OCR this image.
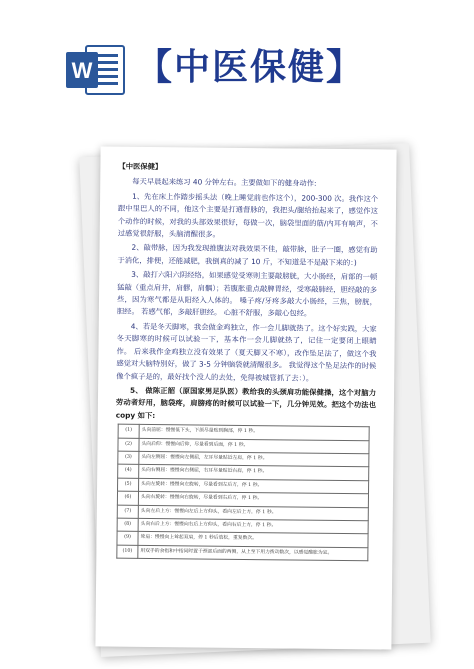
W 【中医保健】
【中医保健】

每天早晨起来练习 40 分钟左右。主要做如下的健身动作:

1、先在床上作踏步摇头法（晚上睡觉前也作这个），200-300 次。我作这个跟中里巴人的不同，他这个主要是打通督脉的，我把头/腿给抬起来了，感觉作这个动作的时候，对我的头部效果很好，每做一次，脑袋里面的筋/内耳有响声，不过感觉很舒服，头脑清醒很多。

2、敲带脉，因为我发现推腹法对我效果不佳，敲带脉，肚子一圈，感觉有助于消化，排便，还能减肥，我倒真的减了 10 斤，不知道是不是敲下来的：)

3、敲打六阳六阴经络，如果感觉受寒则主要敲膀胱，大小肠经，肩部的一顿猛敲（重点肩井，肩髎，肩髃）；若腹胀重点敲脾胃经，受寒敲肺经，胆经敲的多些，因为寒气都是从阳经入人体的。 嗓子疼/牙疼多敲大小肠经，三焦，膀胱，胆经。 若感气郁，多敲肝胆经。 心脏不舒服，多敲心包经。

4、若是冬天脚寒，我会做金鸡独立，作一会儿脚就热了。这个好实践，大家冬天脚寒的时候可以试验一下，基本作一会儿脚就热了，记住一定要闭上眼睛作。 后来我作金鸡独立没有效果了（夏天脚又不寒），改作坠足法了，做这个我感觉对大脑特别好，做了 3-5 分钟脑袋就清醒很多。 我觉得这个坠足法作的时候像个疯子是的，最好找个没人的去处，免得被城管抓了去：）。

5、 做陈正韶（原国家男足队医）教给我的头颈肩功能保健操，这个对脑力劳动者好用，脑袋疼，肩膀疼的时候可以试验一下，几分钟见效。把这个功法也 copy 如下:

(1)	头向前屈：慢慢低下头，下颌尽量贴到胸部，停 1 秒。
(2)	头向后仰：慢慢向后仰，尽量看到后面，停 1 秒。
(3)	头向左侧屈：慢慢向左侧屈，左耳尽量贴近左肩，停 1 秒。
(4)	头向右侧屈：慢慢向右侧屈，右耳尽量贴近右肩，停 1 秒。
(5)	头向左旋转：慢慢向左旋转，尽量看到左后方，停 1 秒。
(6)	头向右旋转：慢慢向右旋转，尽量看到右后方，停 1 秒。
(7)	头向左后上方：慢慢向左后上方仰头，看向左后上方，停 1 秒。
(8)	头向右后上方：慢慢向右后上方仰头，看向右后上方，停 1 秒。
(9)	耸肩：慢慢向上耸起双肩，停 1 秒后放松，重复数次。
(10)	用双手的食指和中指同时置于颈部后面的两侧，从上至下用力拨动数次，以感觉酸胀为宜。
